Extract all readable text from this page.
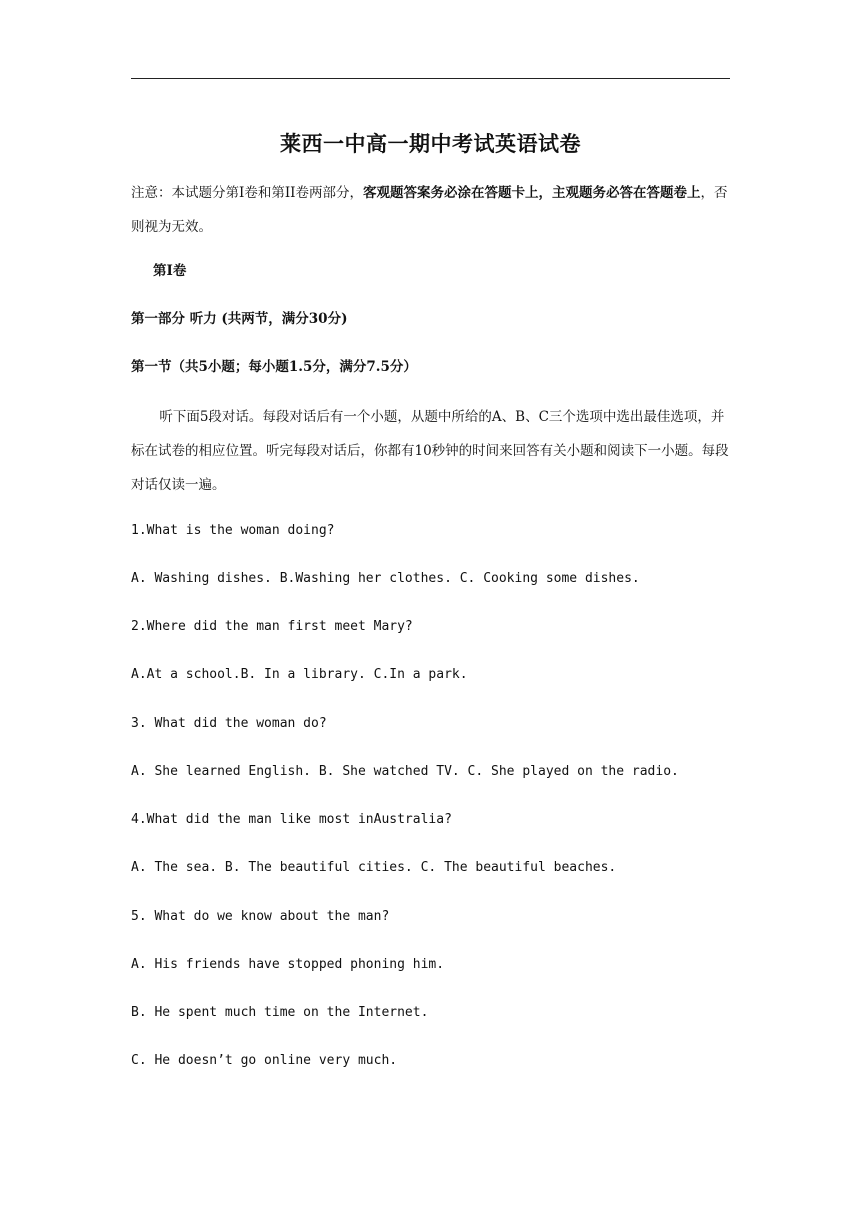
莱西一中高一期中考试英语试卷
注意：本试题分第Ⅰ卷和第II卷两部分，客观题答案务必涂在答题卡上，主观题务必答在答题卷上，否则视为无效。
第Ⅰ卷
第一部分 听力 (共两节，满分30分)
第一节（共5小题；每小题1.5分，满分7.5分）
听下面5段对话。每段对话后有一个小题，从题中所给的A、B、C三个选项中选出最佳选项，并标在试卷的相应位置。听完每段对话后，你都有10秒钟的时间来回答有关小题和阅读下一小题。每段对话仅读一遍。
1.What is the woman doing?
A. Washing dishes. B.Washing her clothes. C. Cooking some dishes.
2.Where did the man first meet Mary?
A.At a school.B. In a library. C.In a park.
3. What did the woman do?
A. She learned English. B. She watched TV. C. She played on the radio.
4.What did the man like most inAustralia?
A. The sea. B. The beautiful cities. C. The beautiful beaches.
5. What do we know about the man?
A. His friends have stopped phoning him.
B. He spent much time on the Internet.
C. He doesn’t go online very much.
